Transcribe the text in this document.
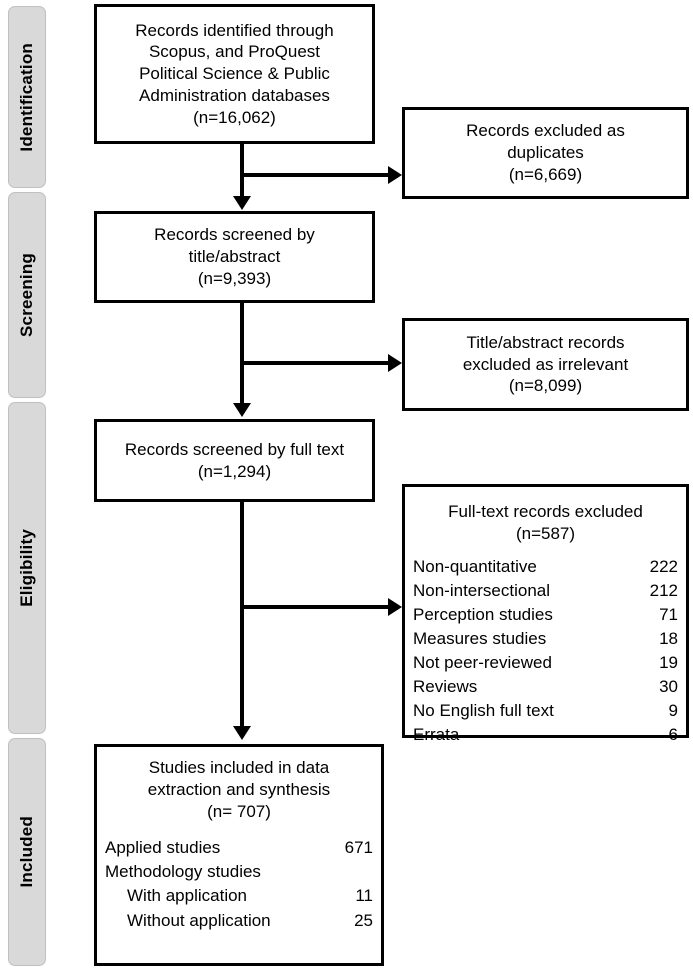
Identification
Screening
Eligibility
Included
Records identified through
Scopus, and ProQuest
Political Science & Public
Administration databases
(n=16,062)
Records excluded as
duplicates
(n=6,669)
Records screened by
title/abstract
(n=9,393)
Title/abstract records
excluded as irrelevant
(n=8,099)
Records screened by full text
(n=1,294)
Full-text records excluded
(n=587)
Non-quantitative	222
Non-intersectional	212
Perception studies	71
Measures studies	18
Not peer-reviewed	19
Reviews	30
No English full text	9
Errata	6
Studies included in data
extraction and synthesis
(n= 707)
Applied studies	671
Methodology studies	
With application	11
Without application	25
